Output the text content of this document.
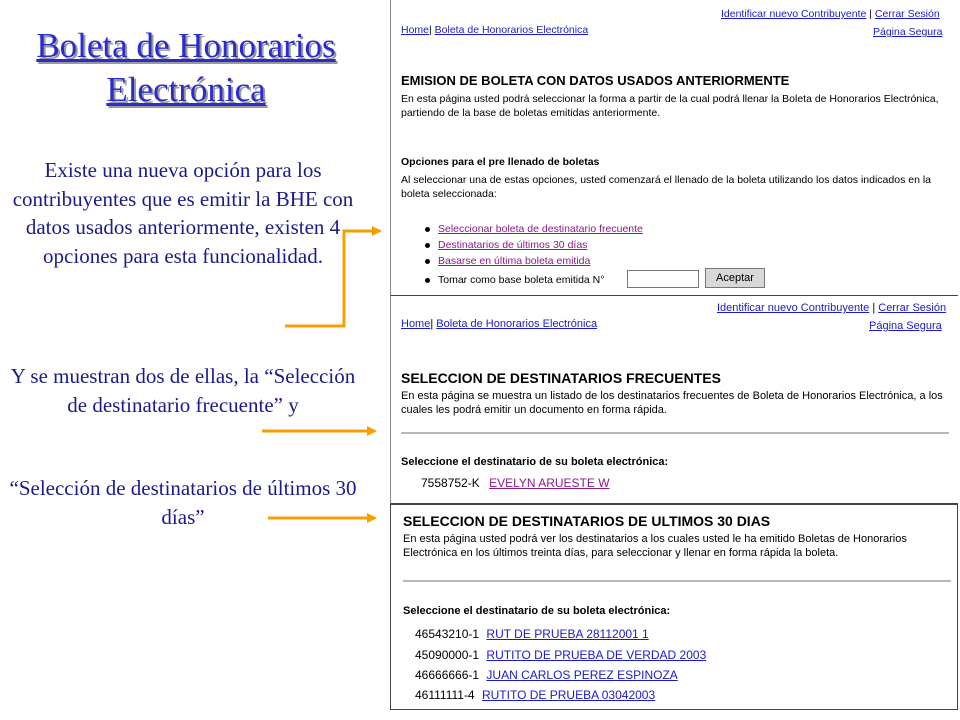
Boleta de Honorarios Electrónica
Existe una nueva opción para los contribuyentes que es emitir la BHE con datos usados anteriormente, existen 4 opciones para esta funcionalidad.
Y se muestran dos de ellas, la “Selección de destinatario frecuente” y
“Selección de destinatarios de últimos 30 días”
Identificar nuevo Contribuyente | Cerrar Sesión
Página Segura
Home| Boleta de Honorarios Electrónica
EMISION DE BOLETA CON DATOS USADOS ANTERIORMENTE
En esta página usted podrá seleccionar la forma a partir de la cual podrá llenar la Boleta de Honorarios Electrónica, partiendo de la base de boletas emitidas anteriormente.
Opciones para el pre llenado de boletas
Al seleccionar una de estas opciones, usted comenzará el llenado de la boleta utilizando los datos indicados en la boleta seleccionada:
Seleccionar boleta de destinatario frecuente
Destinatarios de últimos 30 días
Basarse en última boleta emitida
Tomar como base boleta emitida N°	Aceptar
Identificar nuevo Contribuyente | Cerrar Sesión
Página Segura
Home| Boleta de Honorarios Electrónica
SELECCION DE DESTINATARIOS FRECUENTES
En esta página se muestra un listado de los destinatarios frecuentes de Boleta de Honorarios Electrónica, a los cuales les podrá emitir un documento en forma rápida.
Seleccione el destinatario de su boleta electrónica:
7558752-K EVELYN ARUESTE W
SELECCION DE DESTINATARIOS DE ULTIMOS 30 DIAS
En esta página usted podrá ver los destinatarios a los cuales usted le ha emitido Boletas de Honorarios Electrónica en los últimos treinta días, para seleccionar y llenar en forma rápida la boleta.
Seleccione el destinatario de su boleta electrónica:
46543210-1 RUT DE PRUEBA 28112001 1
45090000-1 RUTITO DE PRUEBA DE VERDAD 2003
46666666-1 JUAN CARLOS PEREZ ESPINOZA
46111111-4 RUTITO DE PRUEBA 03042003
